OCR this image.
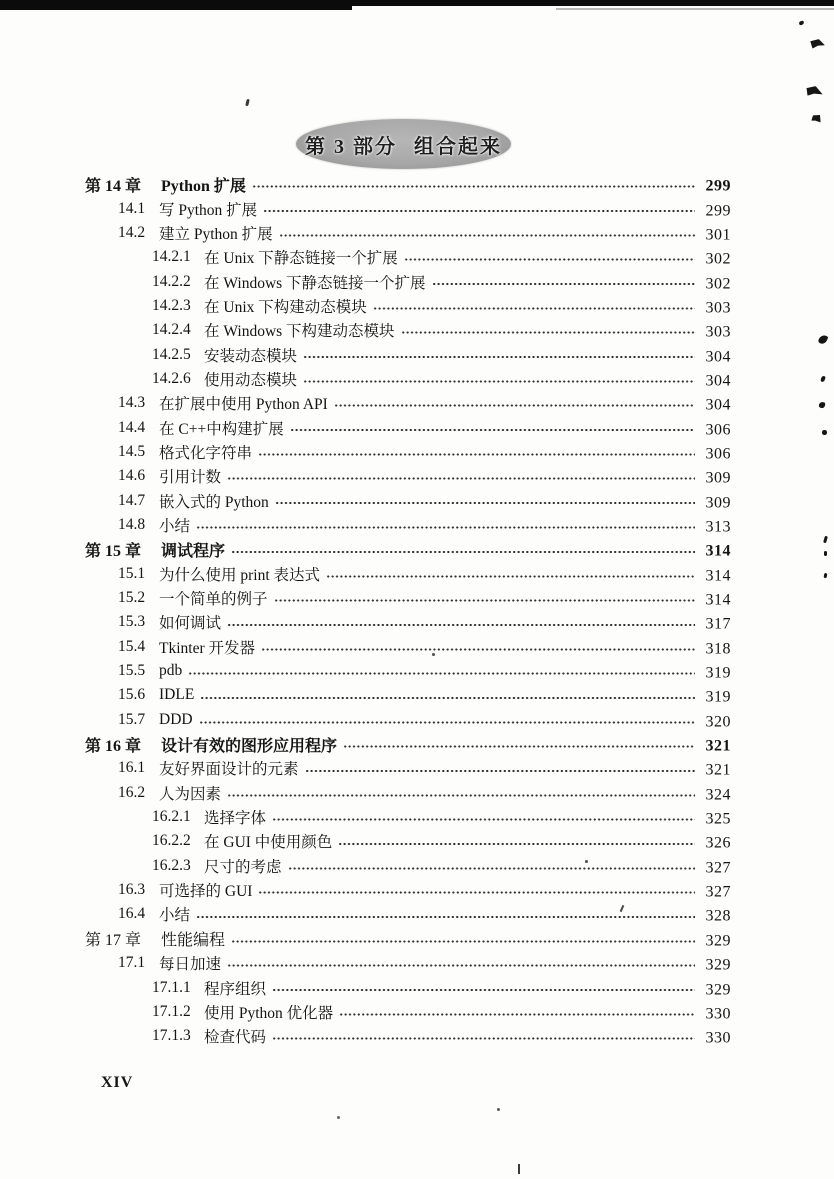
第 3 部分 组合起来
第 14 章	Python 扩展	299
14.1 写 Python 扩展	299
14.2 建立 Python 扩展	301
14.2.1 在 Unix 下静态链接一个扩展	302
14.2.2 在 Windows 下静态链接一个扩展	302
14.2.3 在 Unix 下构建动态模块	303
14.2.4 在 Windows 下构建动态模块	303
14.2.5 安装动态模块	304
14.2.6 使用动态模块	304
14.3 在扩展中使用 Python API	304
14.4 在 C++中构建扩展	306
14.5 格式化字符串	306
14.6 引用计数	309
14.7 嵌入式的 Python	309
14.8 小结	313
第 15 章	调试程序	314
15.1 为什么使用 print 表达式	314
15.2 一个简单的例子	314
15.3 如何调试	317
15.4 Tkinter 开发器	318
15.5 pdb	319
15.6 IDLE	319
15.7 DDD	320
第 16 章	设计有效的图形应用程序	321
16.1 友好界面设计的元素	321
16.2 人为因素	324
16.2.1 选择字体	325
16.2.2 在 GUI 中使用颜色	326
16.2.3 尺寸的考虑	327
16.3 可选择的 GUI	327
16.4 小结	328
第 17 章	性能编程	329
17.1 每日加速	329
17.1.1 程序组织	329
17.1.2 使用 Python 优化器	330
17.1.3 检查代码	330
XIV
